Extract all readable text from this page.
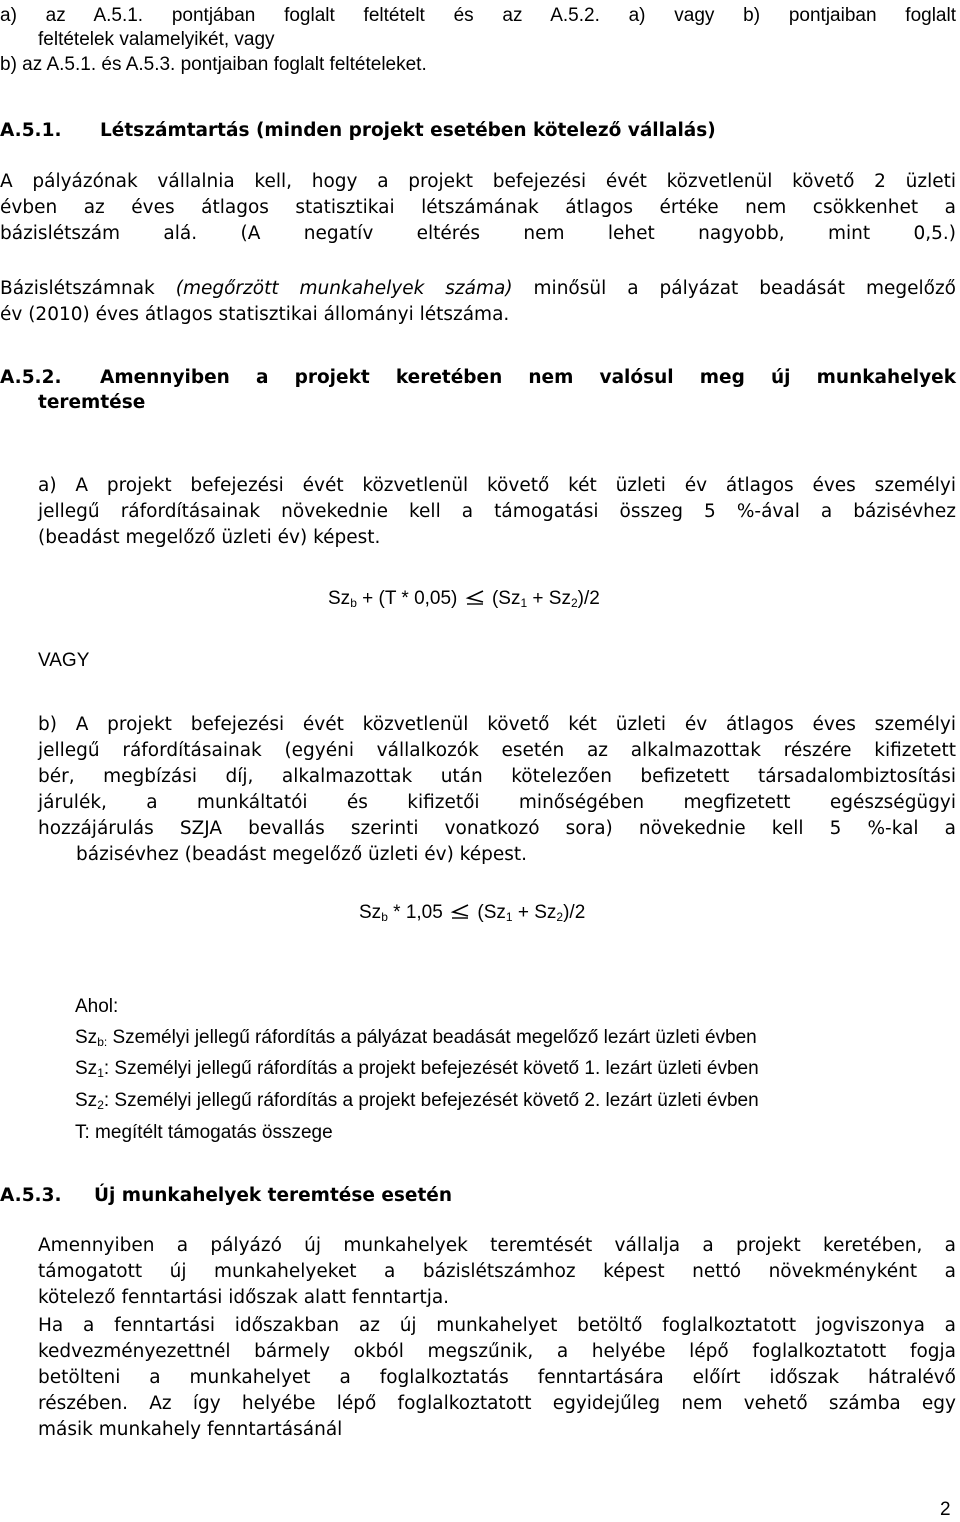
a) az A.5.1. pontjában foglalt feltételt és az A.5.2. a) vagy b) pontjaiban foglalt
feltételek valamelyikét, vagy
b) az A.5.1. és A.5.3. pontjaiban foglalt feltételeket.
A.5.1. Létszámtartás (minden projekt esetében kötelező vállalás)
A pályázónak vállalnia kell, hogy a projekt befejezési évét közvetlenül követő 2 üzleti
évben az éves átlagos statisztikai létszámának átlagos értéke nem csökkenhet a
bázislétszám alá. (A negatív eltérés nem lehet nagyobb, mint 0,5.)
Bázislétszámnak (megőrzött munkahelyek száma) minősül a pályázat beadását megelőző
év (2010) éves átlagos statisztikai állományi létszáma.
A.5.2. Amennyiben a projekt keretében nem valósul meg új munkahelyek
teremtése
a) A projekt befejezési évét közvetlenül követő két üzleti év átlagos éves személyi
jellegű ráfordításainak növekednie kell a támogatási összeg 5 %-ával a bázisévhez
(beadást megelőző üzleti év) képest.
$Sz_b + (T * 0,05) (Sz_1 + Sz_2)/2$
VAGY
b) A projekt befejezési évét közvetlenül követő két üzleti év átlagos éves személyi
jellegű ráfordításainak (egyéni vállalkozók esetén az alkalmazottak részére kifizetett
bér, megbízási díj, alkalmazottak után kötelezően befizetett társadalombiztosítási
járulék, a munkáltatói és kifizetői minőségében megfizetett egészségügyi
hozzájárulás SZJA bevallás szerinti vonatkozó sora) növekednie kell 5 %-kal a
bázisévhez (beadást megelőző üzleti év) képest.
$Sz_b * 1,05$ $(Sz_1 + Sz_2)/2$
Ahol:
$Sz_{b:}$ Személyi jellegű ráfordítás a pályázat beadását megelőző lezárt üzleti évben
$Sz_1$: Személyi jellegű ráfordítás a projekt befejezését követő 1. lezárt üzleti évben
$Sz_2$: Személyi jellegű ráfordítás a projekt befejezését követő 2. lezárt üzleti évben
T: megítélt támogatás összege
A.5.3. Új munkahelyek teremtése esetén
Amennyiben a pályázó új munkahelyek teremtését vállalja a projekt keretében, a
támogatott új munkahelyeket a bázislétszámhoz képest nettó növekményként a
kötelező fenntartási időszak alatt fenntartja.
Ha a fenntartási időszakban az új munkahelyet betöltő foglalkoztatott jogviszonya a
kedvezményezettnél bármely okból megszűnik, a helyébe lépő foglalkoztatott fogja
betölteni a munkahelyet a foglalkoztatás fenntartására előírt időszak hátralévő
részében. Az így helyébe lépő foglalkoztatott egyidejűleg nem vehető számba egy
másik munkahely fenntartásánál
2
